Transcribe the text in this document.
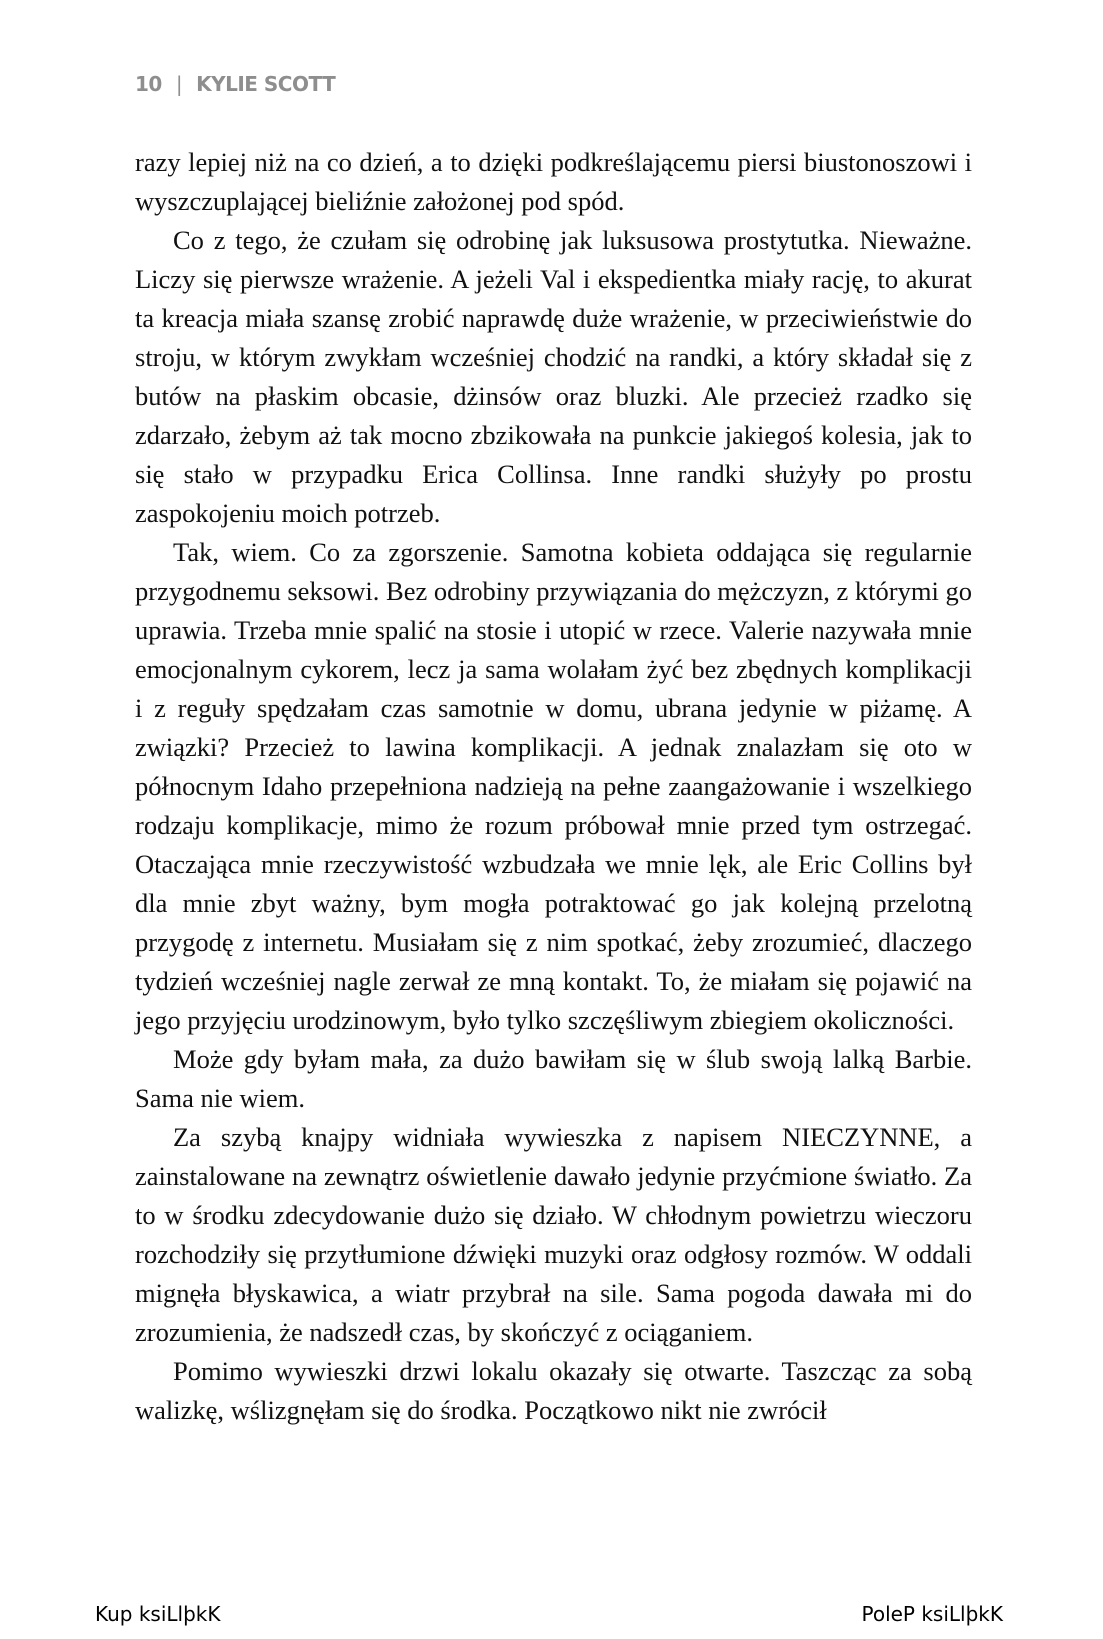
10 | KYLIE SCOTT

razy lepiej niż na co dzień, a to dzięki podkreślającemu piersi biustonoszowi i wyszczuplającej bieliźnie założonej pod spód.

Co z tego, że czułam się odrobinę jak luksusowa prostytutka. Nieważne. Liczy się pierwsze wrażenie. A jeżeli Val i ekspedientka miały rację, to akurat ta kreacja miała szansę zrobić naprawdę duże wrażenie, w przeciwieństwie do stroju, w którym zwykłam wcześniej chodzić na randki, a który składał się z butów na płaskim obcasie, dżinsów oraz bluzki. Ale przecież rzadko się zdarzało, żebym aż tak mocno zbzikowała na punkcie jakiegoś kolesia, jak to się stało w przypadku Erica Collinsa. Inne randki służyły po prostu zaspokojeniu moich potrzeb.

Tak, wiem. Co za zgorszenie. Samotna kobieta oddająca się regularnie przygodnemu seksowi. Bez odrobiny przywiązania do mężczyzn, z którymi go uprawia. Trzeba mnie spalić na stosie i utopić w rzece. Valerie nazywała mnie emocjonalnym cykorem, lecz ja sama wolałam żyć bez zbędnych komplikacji i z reguły spędzałam czas samotnie w domu, ubrana jedynie w piżamę. A związki? Przecież to lawina komplikacji. A jednak znalazłam się oto w północnym Idaho przepełniona nadzieją na pełne zaangażowanie i wszelkiego rodzaju komplikacje, mimo że rozum próbował mnie przed tym ostrzegać. Otaczająca mnie rzeczywistość wzbudzała we mnie lęk, ale Eric Collins był dla mnie zbyt ważny, bym mogła potraktować go jak kolejną przelotną przygodę z internetu. Musiałam się z nim spotkać, żeby zrozumieć, dlaczego tydzień wcześniej nagle zerwał ze mną kontakt. To, że miałam się pojawić na jego przyjęciu urodzinowym, było tylko szczęśliwym zbiegiem okoliczności.

Może gdy byłam mała, za dużo bawiłam się w ślub swoją lalką Barbie. Sama nie wiem.

Za szybą knajpy widniała wywieszka z napisem NIECZYNNE, a zainstalowane na zewnątrz oświetlenie dawało jedynie przyćmione światło. Za to w środku zdecydowanie dużo się działo. W chłodnym powietrzu wieczoru rozchodziły się przytłumione dźwięki muzyki oraz odgłosy rozmów. W oddali mignęła błyskawica, a wiatr przybrał na sile. Sama pogoda dawała mi do zrozumienia, że nadszedł czas, by skończyć z ociąganiem.

Pomimo wywieszki drzwi lokalu okazały się otwarte. Taszcząc za sobą walizkę, wślizgnęłam się do środka. Początkowo nikt nie zwrócił

Kup ksiLlþkK	PoleP ksiLlþkK
